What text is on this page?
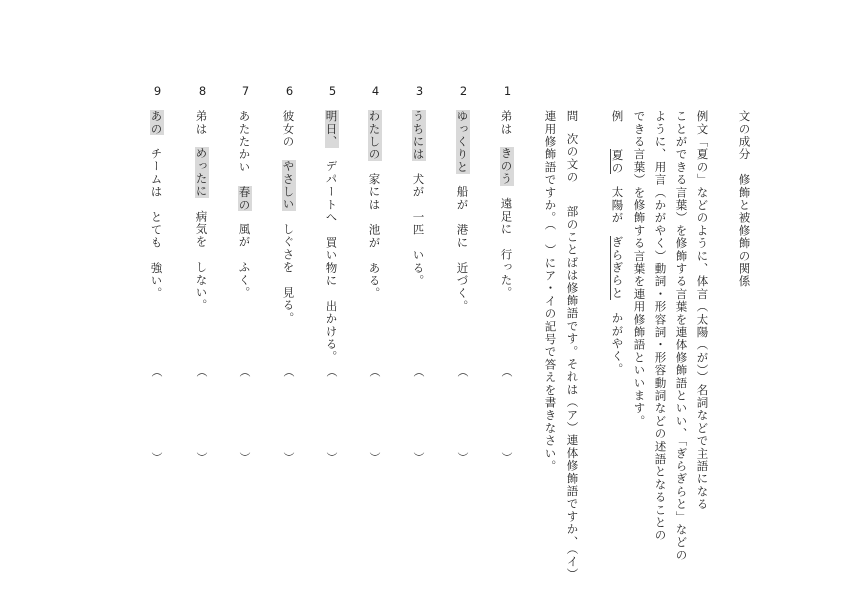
文の成分　修飾と被修飾の関係

例文「夏の」などのように、体言（太陽（が））名詞などで主語になる

ことができる言葉）を修飾する言葉を連体修飾語といい、「ぎらぎらと」などの

ように、用言（かがやく）動詞・形容詞・形容動詞などの述語となることの

できる言葉）を修飾する言葉を連用修飾語といいます。

例夏の太陽がぎらぎらとかがやく。
問次の文の部のことばは修飾語です。それは（ア）連体修飾語ですか、（イ）

連用修飾語ですか。（　）にア・イの記号で答えを書きなさい。

1
弟はきのう遠足に　行った。
︵
︶
2
ゆっくりと船が　港に　近づく。
︵
︶
3
うちには犬が　一匹　いる。
︵
︶
4
わたしの家には　池が　ある。
︵
︶
5
明日、デパートへ　買い物に　出かける。
︵
︶
6
彼女のやさしいしぐさを　見る。
︵
︶
7
あたたかい春の風が　ふく。
︵
︶
8
弟はめったに病気を　しない。
︵
︶
9
あのチームは　とても　強い。
︵
︶
